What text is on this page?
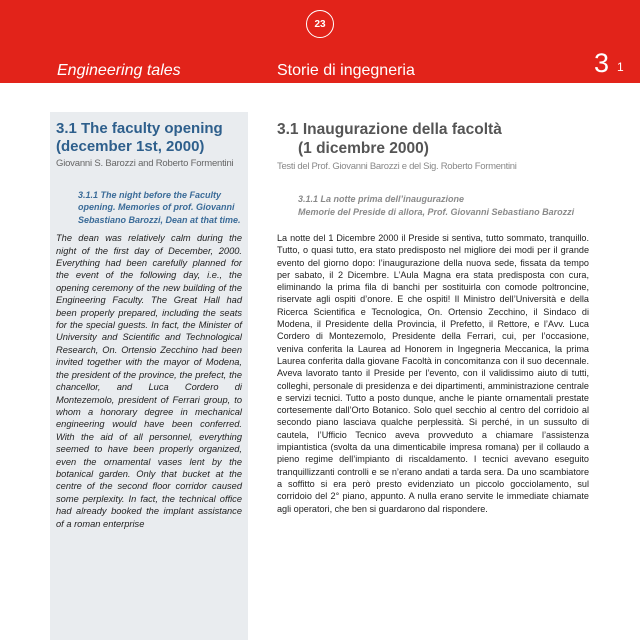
23
Engineering tales	Storie di ingegneria	3 1
3.1 The faculty opening (december 1st, 2000)
Giovanni S. Barozzi and Roberto Formentini
3.1.1 The night before the Faculty opening. Memories of prof. Giovanni Sebastiano Barozzi, Dean at that time.

The dean was relatively calm during the night of the first day of December, 2000. Everything had been carefully planned for the event of the following day, i.e., the opening ceremony of the new building of the Engineering Faculty. The Great Hall had been properly prepared, including the seats for the special guests. In fact, the Minister of University and Scientific and Technological Research, On. Ortensio Zecchino had been invited together with the mayor of Modena, the president of the province, the prefect, the chancellor, and Luca Cordero di Montezemolo, president of Ferrari group, to whom a honorary degree in mechanical engineering would have been conferred. With the aid of all personnel, everything seemed to have been properly organized, even the ornamental vases lent by the botanical garden. Only that bucket at the centre of the second floor corridor caused some perplexity. In fact, the technical office had already booked the implant assistance of a roman enterprise

3.1 Inaugurazione della facoltà
(1 dicembre 2000)
Testi del Prof. Giovanni Barozzi e del Sig. Roberto Formentini
3.1.1 La notte prima dell’inaugurazione
Memorie del Preside di allora, Prof. Giovanni Sebastiano Barozzi

La notte del 1 Dicembre 2000 il Preside si sentiva, tutto sommato, tranquillo. Tutto, o quasi tutto, era stato predisposto nel migliore dei modi per il grande evento del giorno dopo: l’inaugurazione della nuova sede, fissata da tempo per sabato, il 2 Dicembre. L’Aula Magna era stata predisposta con cura, eliminando la prima fila di banchi per sostituirla con comode poltroncine, riservate agli ospiti d’onore. E che ospiti! Il Ministro dell’Università e della Ricerca Scientifica e Tecnologica, On. Ortensio Zecchino, il Sindaco di Modena, il Presidente della Provincia, il Prefetto, il Rettore, e l’Avv. Luca Cordero di Montezemolo, Presidente della Ferrari, cui, per l’occasione, veniva conferita la Laurea ad Honorem in Ingegneria Meccanica, la prima Laurea conferita dalla giovane Facoltà in concomitanza con il suo decennale. Aveva lavorato tanto il Preside per l’evento, con il validissimo aiuto di tutti, colleghi, personale di presidenza e dei dipartimenti, amministrazione centrale e servizi tecnici. Tutto a posto dunque, anche le piante ornamentali prestate cortesemente dall’Orto Botanico. Solo quel secchio al centro del corridoio al secondo piano lasciava qualche perplessità. Si perché, in un sussulto di cautela, l’Ufficio Tecnico aveva provveduto a chiamare l’assistenza impiantistica (svolta da una dimenticabile impresa romana) per il collaudo a pieno regime dell’impianto di riscaldamento. I tecnici avevano eseguito tranquillizzanti controlli e se n’erano andati a tarda sera. Da uno scambiatore a soffitto si era però presto evidenziato un piccolo gocciolamento, sul corridoio del 2° piano, appunto. A nulla erano servite le immediate chiamate agli operatori, che ben si guardarono dal rispondere.
